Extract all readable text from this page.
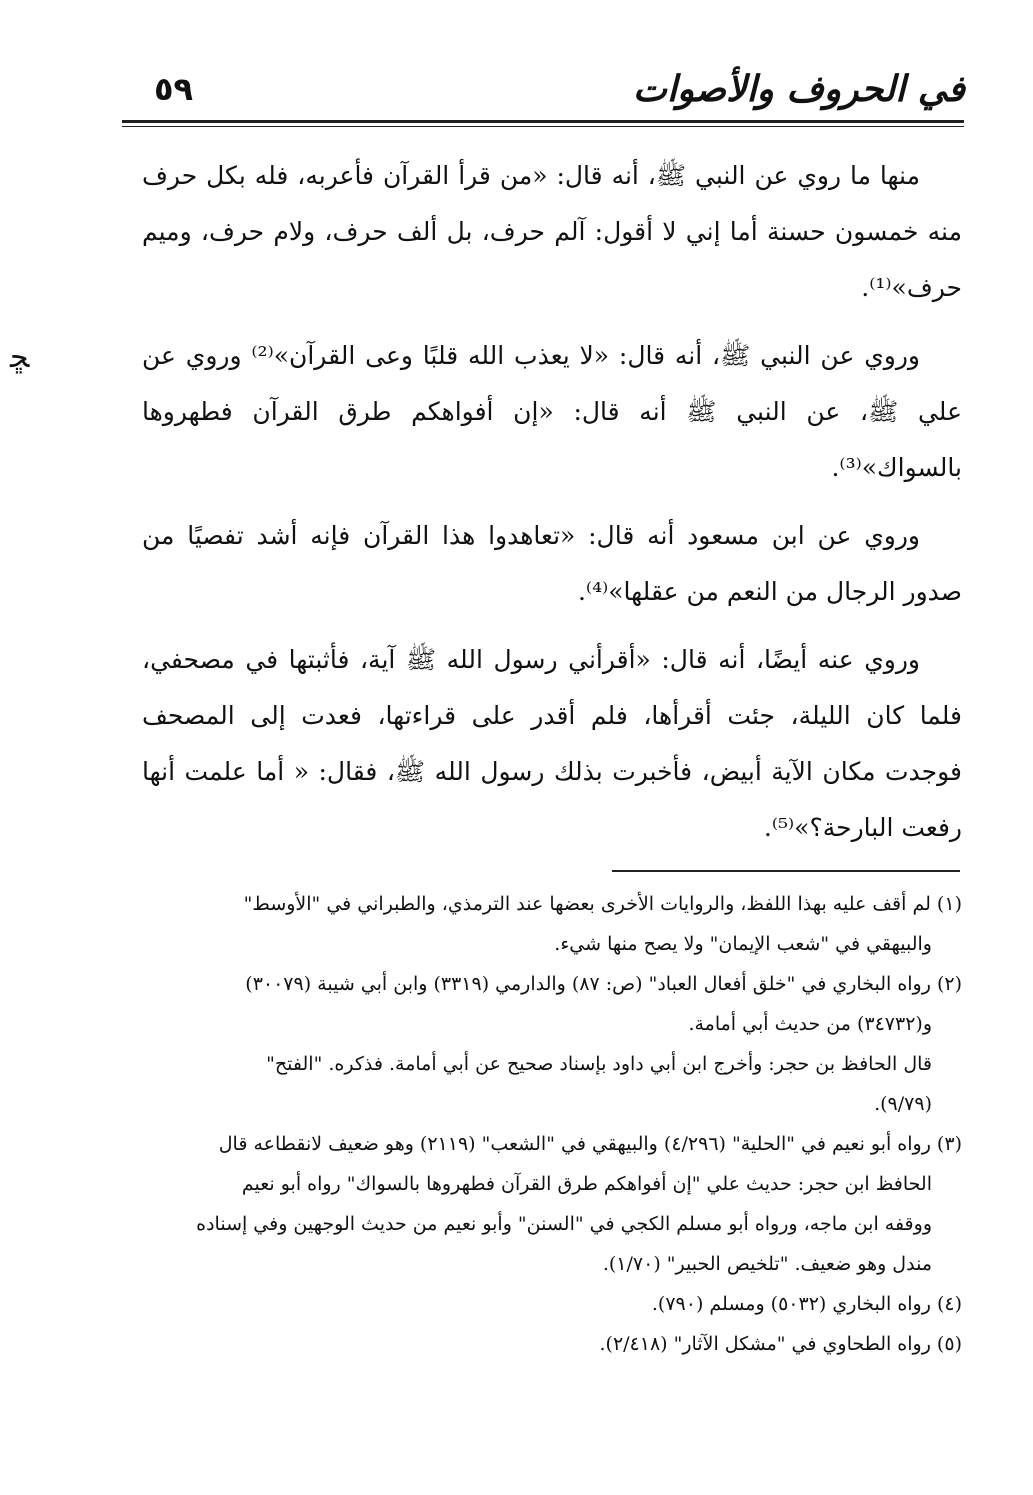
في الحروف والأصوات
٥٩
ﮁ

منها ما روي عن النبي ﷺ، أنه قال: «من قرأ القرآن فأعربه، فله بكل حرف منه خمسون حسنة أما إني لا أقول: آلم حرف، بل ألف حرف، ولام حرف، وميم حرف»⁽¹⁾.

وروي عن النبي ﷺ، أنه قال: «لا يعذب الله قلبًا وعى القرآن»⁽²⁾ وروي عن علي ﷺ، عن النبي ﷺ أنه قال: «إن أفواهكم طرق القرآن فطهروها بالسواك»⁽³⁾.

وروي عن ابن مسعود أنه قال: «تعاهدوا هذا القرآن فإنه أشد تفصيًا من صدور الرجال من النعم من عقلها»⁽⁴⁾.

وروي عنه أيضًا، أنه قال: «أقرأني رسول الله ﷺ آية، فأثبتها في مصحفي، فلما كان الليلة، جئت أقرأها، فلم أقدر على قراءتها، فعدت إلى المصحف فوجدت مكان الآية أبيض، فأخبرت بذلك رسول الله ﷺ، فقال: « أما علمت أنها رفعت البارحة؟»⁽⁵⁾.

(١) لم أقف عليه بهذا اللفظ، والروايات الأخرى بعضها عند الترمذي، والطبراني في "الأوسط"
والبيهقي في "شعب الإيمان" ولا يصح منها شيء.
(٢) رواه البخاري في "خلق أفعال العباد" (ص: ٨٧) والدارمي (٣٣١٩) وابن أبي شيبة (٣٠٠٧٩)
و(٣٤٧٣٢) من حديث أبي أمامة.
قال الحافظ بن حجر: وأخرج ابن أبي داود بإسناد صحيح عن أبي أمامة. فذكره. "الفتح"
(٩/٧٩).
(٣) رواه أبو نعيم في "الحلية" (٤/٢٩٦) والبيهقي في "الشعب" (٢١١٩) وهو ضعيف لانقطاعه قال
الحافظ ابن حجر: حديث علي "إن أفواهكم طرق القرآن فطهروها بالسواك" رواه أبو نعيم
ووقفه ابن ماجه، ورواه أبو مسلم الكجي في "السنن" وأبو نعيم من حديث الوجهين وفي إسناده
مندل وهو ضعيف. "تلخيص الحبير" (١/٧٠).
(٤) رواه البخاري (٥٠٣٢) ومسلم (٧٩٠).
(٥) رواه الطحاوي في "مشكل الآثار" (٢/٤١٨).
